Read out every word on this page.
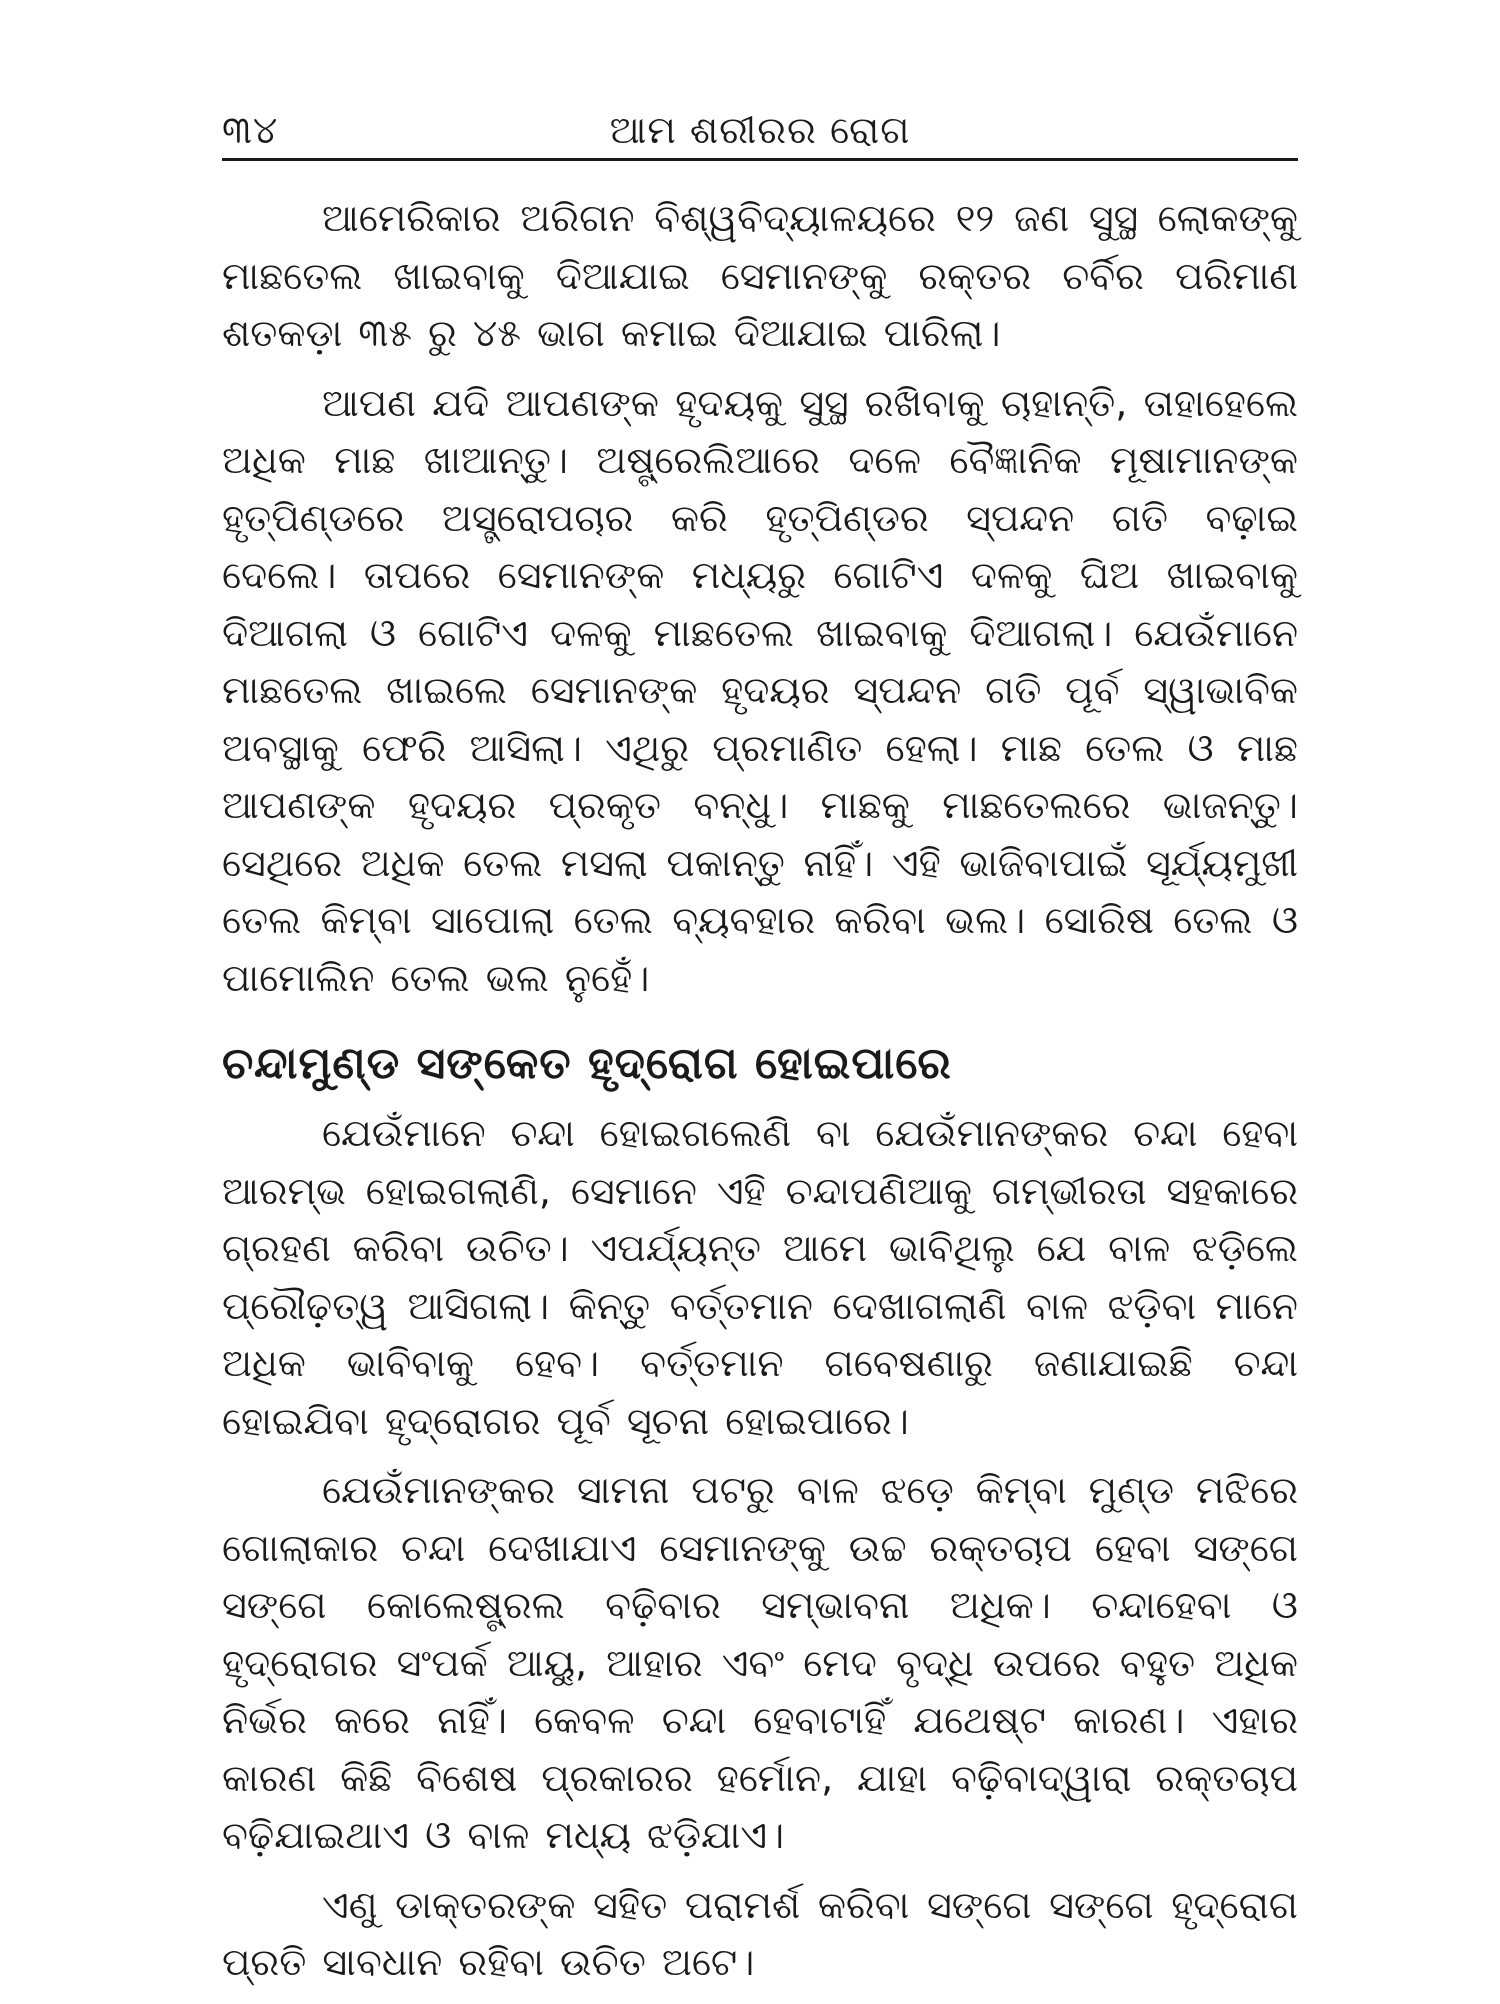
୩୪	ଆମ ଶରୀରର ରୋଗ

ଆମେରିକାର ଅରିଗନ ବିଶ୍ୱବିଦ୍ୟାଳୟରେ ୧୨ ଜଣ ସୁସ୍ଥ ଲୋକଙ୍କୁ ମାଛତେଲ ଖାଇବାକୁ ଦିଆଯାଇ ସେମାନଙ୍କୁ ରକ୍ତର ଚର୍ବିର ପରିମାଣ ଶତକଡ଼ା ୩୫ ରୁ ୪୫ ଭାଗ କମାଇ ଦିଆଯାଇ ପାରିଲା।

ଆପଣ ଯଦି ଆପଣଙ୍କ ହୃଦୟକୁ ସୁସ୍ଥ ରଖିବାକୁ ଚାହାନ୍ତି, ତାହାହେଲେ ଅଧିକ ମାଛ ଖାଆନ୍ତୁ। ଅଷ୍ଟ୍ରେଲିଆରେ ଦଳେ ବୈଜ୍ଞାନିକ ମୂଷାମାନଙ୍କ ହୃତ୍‌ପିଣ୍ଡରେ ଅସ୍ତ୍ରୋପଚାର କରି ହୃତ୍‌ପିଣ୍ଡର ସ୍ପନ୍ଦନ ଗତି ବଢ଼ାଇ ଦେଲେ। ତାପରେ ସେମାନଙ୍କ ମଧ୍ୟରୁ ଗୋଟିଏ ଦଳକୁ ଘିଅ ଖାଇବାକୁ ଦିଆଗଲା ଓ ଗୋଟିଏ ଦଳକୁ ମାଛତେଲ ଖାଇବାକୁ ଦିଆଗଲା। ଯେଉଁମାନେ ମାଛତେଲ ଖାଇଲେ ସେମାନଙ୍କ ହୃଦୟର ସ୍ପନ୍ଦନ ଗତି ପୂର୍ବ ସ୍ୱାଭାବିକ ଅବସ୍ଥାକୁ ଫେରି ଆସିଲା। ଏଥିରୁ ପ୍ରମାଣିତ ହେଲା। ମାଛ ତେଲ ଓ ମାଛ ଆପଣଙ୍କ ହୃଦୟର ପ୍ରକୃତ ବନ୍ଧୁ। ମାଛକୁ ମାଛତେଲରେ ଭାଜନ୍ତୁ। ସେଥିରେ ଅଧିକ ତେଲ ମସଲା ପକାନ୍ତୁ ନାହିଁ। ଏହି ଭାଜିବାପାଇଁ ସୂର୍ଯ୍ୟମୁଖୀ ତେଲ କିମ୍ବା ସାପୋଲା ତେଲ ବ୍ୟବହାର କରିବା ଭଲ। ସୋରିଷ ତେଲ ଓ ପାମୋଲିନ ତେଲ ଭଲ ନୁହେଁ।

ଚନ୍ଦାମୁଣ୍ଡ ସଙ୍କେତ ହୃଦ୍‌ରୋଗ ହୋଇପାରେ

ଯେଉଁମାନେ ଚନ୍ଦା ହୋଇଗଲେଣି ବା ଯେଉଁମାନଙ୍କର ଚନ୍ଦା ହେବା ଆରମ୍ଭ ହୋଇଗଲାଣି, ସେମାନେ ଏହି ଚନ୍ଦାପଣିଆକୁ ଗମ୍ଭୀରତା ସହକାରେ ଗ୍ରହଣ କରିବା ଉଚିତ। ଏପର୍ଯ୍ୟନ୍ତ ଆମେ ଭାବିଥିଲୁ ଯେ ବାଳ ଝଡ଼ିଲେ ପ୍ରୌଢ଼ତ୍ୱ ଆସିଗଲା। କିନ୍ତୁ ବର୍ତ୍ତମାନ ଦେଖାଗଲାଣି ବାଳ ଝଡ଼ିବା ମାନେ ଅଧିକ ଭାବିବାକୁ ହେବ। ବର୍ତ୍ତମାନ ଗବେଷଣାରୁ ଜଣାଯାଇଛି ଚନ୍ଦା ହୋଇଯିବା ହୃଦ୍‌ରୋଗର ପୂର୍ବ ସୂଚନା ହୋଇପାରେ।

ଯେଉଁମାନଙ୍କର ସାମନା ପଟରୁ ବାଳ ଝଡ଼େ କିମ୍ବା ମୁଣ୍ଡ ମଝିରେ ଗୋଲାକାର ଚନ୍ଦା ଦେଖାଯାଏ ସେମାନଙ୍କୁ ଉଚ୍ଚ ରକ୍ତଚାପ ହେବା ସଙ୍ଗେ ସଙ୍ଗେ କୋଲେଷ୍ଟ୍ରଲ ବଢ଼ିବାର ସମ୍ଭାବନା ଅଧିକ। ଚନ୍ଦାହେବା ଓ ହୃଦ୍‌ରୋଗର ସଂପର୍କ ଆୟୁ, ଆହାର ଏବଂ ମେଦ ବୃଦ୍ଧି ଉପରେ ବହୁତ ଅଧିକ ନିର୍ଭର କରେ ନାହିଁ। କେବଳ ଚନ୍ଦା ହେବାଟାହିଁ ଯଥେଷ୍ଟ କାରଣ। ଏହାର କାରଣ କିଛି ବିଶେଷ ପ୍ରକାରର ହର୍ମୋନ, ଯାହା ବଢ଼ିବାଦ୍ୱାରା ରକ୍ତଚାପ ବଢ଼ିଯାଇଥାଏ ଓ ବାଳ ମଧ୍ୟ ଝଡ଼ିଯାଏ।

ଏଣୁ ଡାକ୍ତରଙ୍କ ସହିତ ପରାମର୍ଶ କରିବା ସଙ୍ଗେ ସଙ୍ଗେ ହୃଦ୍‌ରୋଗ ପ୍ରତି ସାବଧାନ ରହିବା ଉଚିତ ଅଟେ।
